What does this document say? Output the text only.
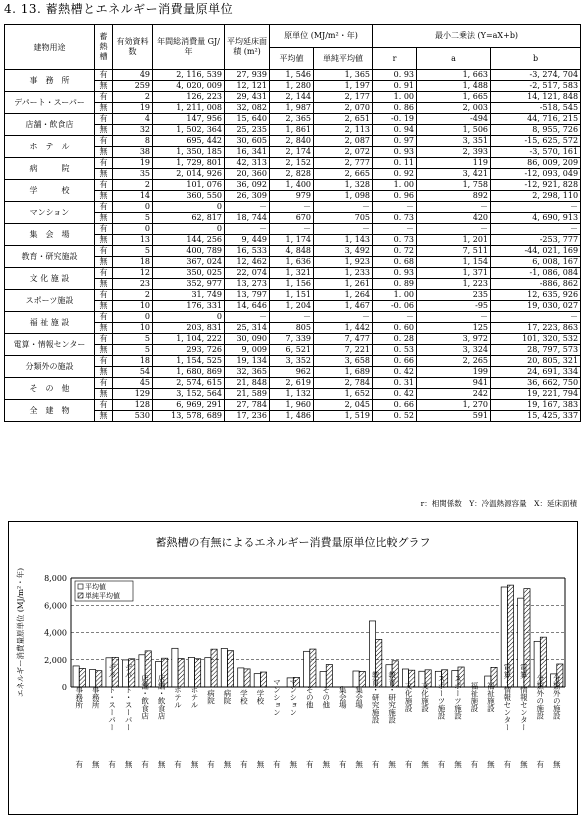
4. 13. 蓄熱槽とエネルギー消費量原単位
建物用途	蓄熱槽	有効資料数	年間総消費量 GJ/年	平均延床面積 (m²)	原単位 (MJ/m²・年)		最小二乗法 (Y=aX+b)		
					平均値	単純平均値	r	a	b
事　務　所	有	49	2, 116, 539	27, 939	1, 546	1, 365	0. 93	1, 663	-3, 274, 704
	無	259	4, 020, 009	12, 121	1, 280	1, 197	0. 91	1, 488	-2, 517, 583
デパート・スーパー	有	2	126, 223	29, 431	2, 144	2, 177	1. 00	1, 665	14, 121, 848
	無	19	1, 211, 008	32, 082	1, 987	2, 070	0. 86	2, 003	-518, 545
店舗・飲食店	有	4	147, 956	15, 640	2, 365	2, 651	-0. 19	-494	44, 716, 215
	無	32	1, 502, 364	25, 235	1, 861	2, 113	0. 94	1, 506	8, 955, 726
ホ　テ　ル	有	8	695, 442	30, 605	2, 840	2, 087	0. 97	3, 351	-15, 625, 572
	無	38	1, 350, 185	16, 341	2, 174	2, 072	0. 93	2, 393	-3, 570, 161
病　　　院	有	19	1, 729, 801	42, 313	2, 152	2, 777	0. 11	119	86, 009, 209
	無	35	2, 014, 926	20, 360	2, 828	2, 665	0. 92	3, 421	-12, 093, 049
学　　　校	有	2	101, 076	36, 092	1, 400	1, 328	1. 00	1, 758	-12, 921, 828
	無	14	360, 550	26, 309	979	1, 098	0. 96	892	2, 298, 110
マンション	有	0	0	－	－	－	－	－	－
	無	5	62, 817	18, 744	670	705	0. 73	420	4, 690, 913
集　会　場	有	0	0	－	－	－	－	－	－
	無	13	144, 256	9, 449	1, 174	1, 143	0. 73	1, 201	-253, 777
教育・研究施設	有	5	400, 789	16, 533	4, 848	3, 492	0. 72	7, 511	-44, 021, 169
	無	18	367, 024	12, 462	1, 636	1, 923	0. 68	1, 154	6, 008, 167
文 化 施 設	有	12	350, 025	22, 074	1, 321	1, 233	0. 93	1, 371	-1, 086, 084
	無	23	352, 977	13, 273	1, 156	1, 261	0. 89	1, 223	-886, 862
スポーツ施設	有	2	31, 749	13, 797	1, 151	1, 264	1. 00	235	12, 635, 926
	無	10	176, 331	14, 646	1, 204	1, 467	-0. 06	-95	19, 030, 027
福 祉 施 設	有	0	0	－	－	－	－	－	－
	無	10	203, 831	25, 314	805	1, 442	0. 60	125	17, 223, 863
電算・情報センター	有	5	1, 104, 222	30, 090	7, 339	7, 477	0. 28	3, 972	101, 320, 532
	無	5	293, 726	9, 009	6, 521	7, 221	0. 53	3, 324	28, 797, 573
分類外の施設	有	18	1, 154, 525	19, 134	3, 352	3, 658	0. 66	2, 265	20, 805, 321
	無	54	1, 680, 869	32, 365	962	1, 689	0. 42	199	24, 691, 334
そ　の　他	有	45	2, 574, 615	21, 848	2, 619	2, 784	0. 31	941	36, 662, 750
	無	129	3, 152, 564	21, 589	1, 132	1, 652	0. 42	242	19, 221, 794
全　建　物	有	128	6, 969, 291	27, 784	1, 960	2, 045	0. 66	1, 270	19, 167, 383
	無	530	13, 578, 689	17, 236	1, 486	1, 519	0. 52	591	15, 425, 337
r：相関係数　Y：冷温熱源容量　X：延床面積
蓄熱槽の有無によるエネルギー消費量原単位比較グラフ
0
2,000
4,000
6,000
8,000
エネルギー消費量原単位 (MJ/m²・年)	事務所
有
事務所
無
デパート・スーパー
有
デパート・スーパー
無
店舗・飲食店
有
店舗・飲食店
無
ホテル
有
ホテル
無
病院
有
病院
無
学校
有
学校
無
マンション
有
マンション
無
その他
有
その他
無
集会場
有
集会場
無
教育・研究施設
有
教育・研究施設
無
文化施設
有
文化施設
無
スポーツ施設
有
スポーツ施設
無
福祉施設
有
福祉施設
無
電算・情報センター
有
電算・情報センター
無
分類外の施設
有
分類外の施設
無
平均値
単純平均値
